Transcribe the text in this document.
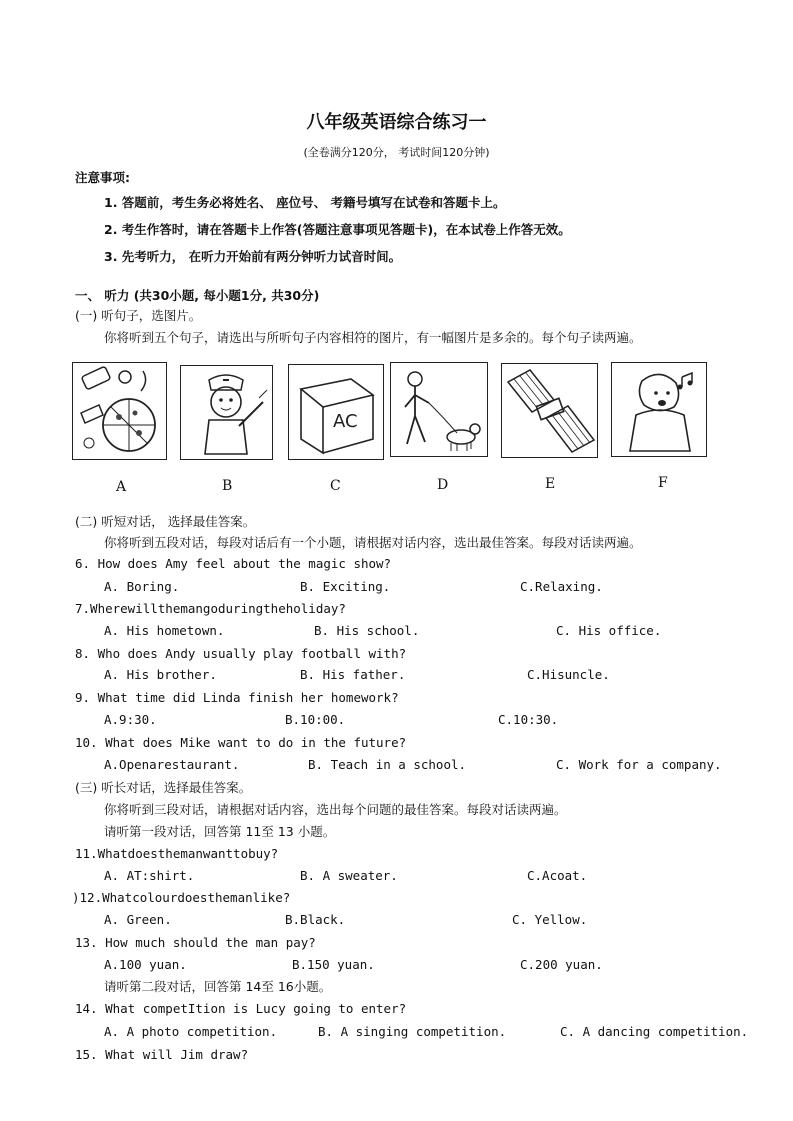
八年级英语综合练习一
(全卷满分120分， 考试时间120分钟)
注意事项:
1. 答题前，考生务必将姓名、 座位号、 考籍号填写在试卷和答题卡上。
2. 考生作答时，请在答题卡上作答(答题注意事项见答题卡)，在本试卷上作答无效。
3. 先考听力， 在听力开始前有两分钟听力试音时间。
一、 听力 (共30小题, 每小题1分, 共30分)
(一) 听句子，选图片。
你将听到五个句子，请选出与所听句子内容相符的图片，有一幅图片是多余的。每个句子读两遍。
AC
A	B	C	D	E	F
(二) 听短对话， 选择最佳答案。
你将听到五段对话，每段对话后有一个小题，请根据对话内容，选出最佳答案。每段对话读两遍。
6. How does Amy feel about the magic show?
A. Boring.	B. Exciting.	C.Relaxing.
7.Wherewillthemangoduringtheholiday?
A. His hometown.	B. His school.	C. His office.
8. Who does Andy usually play football with?
A. His brother.	B. His father.	C.Hisuncle.
9. What time did Linda finish her homework?
A.9:30.	B.10:00.	C.10:30.
10. What does Mike want to do in the future?
A.Openarestaurant.	B. Teach in a school.	C. Work for a company.
(三) 听长对话，选择最佳答案。
你将听到三段对话，请根据对话内容，选出每个问题的最佳答案。每段对话读两遍。
请听第一段对话，回答第 11至 13 小题。
11.Whatdoesthemanwanttobuy?
A. AT:shirt.	B. A sweater.	C.Acoat.
)12.Whatcolourdoesthemanlike?
A. Green.	B.Black.	C. Yellow.
13. How much should the man pay?
A.100 yuan.	B.150 yuan.	C.200 yuan.
请听第二段对话，回答第 14至 16小题。
14. What competItion is Lucy going to enter?
A. A photo competition.	B. A singing competition.	C. A dancing competition.
15. What will Jim draw?
